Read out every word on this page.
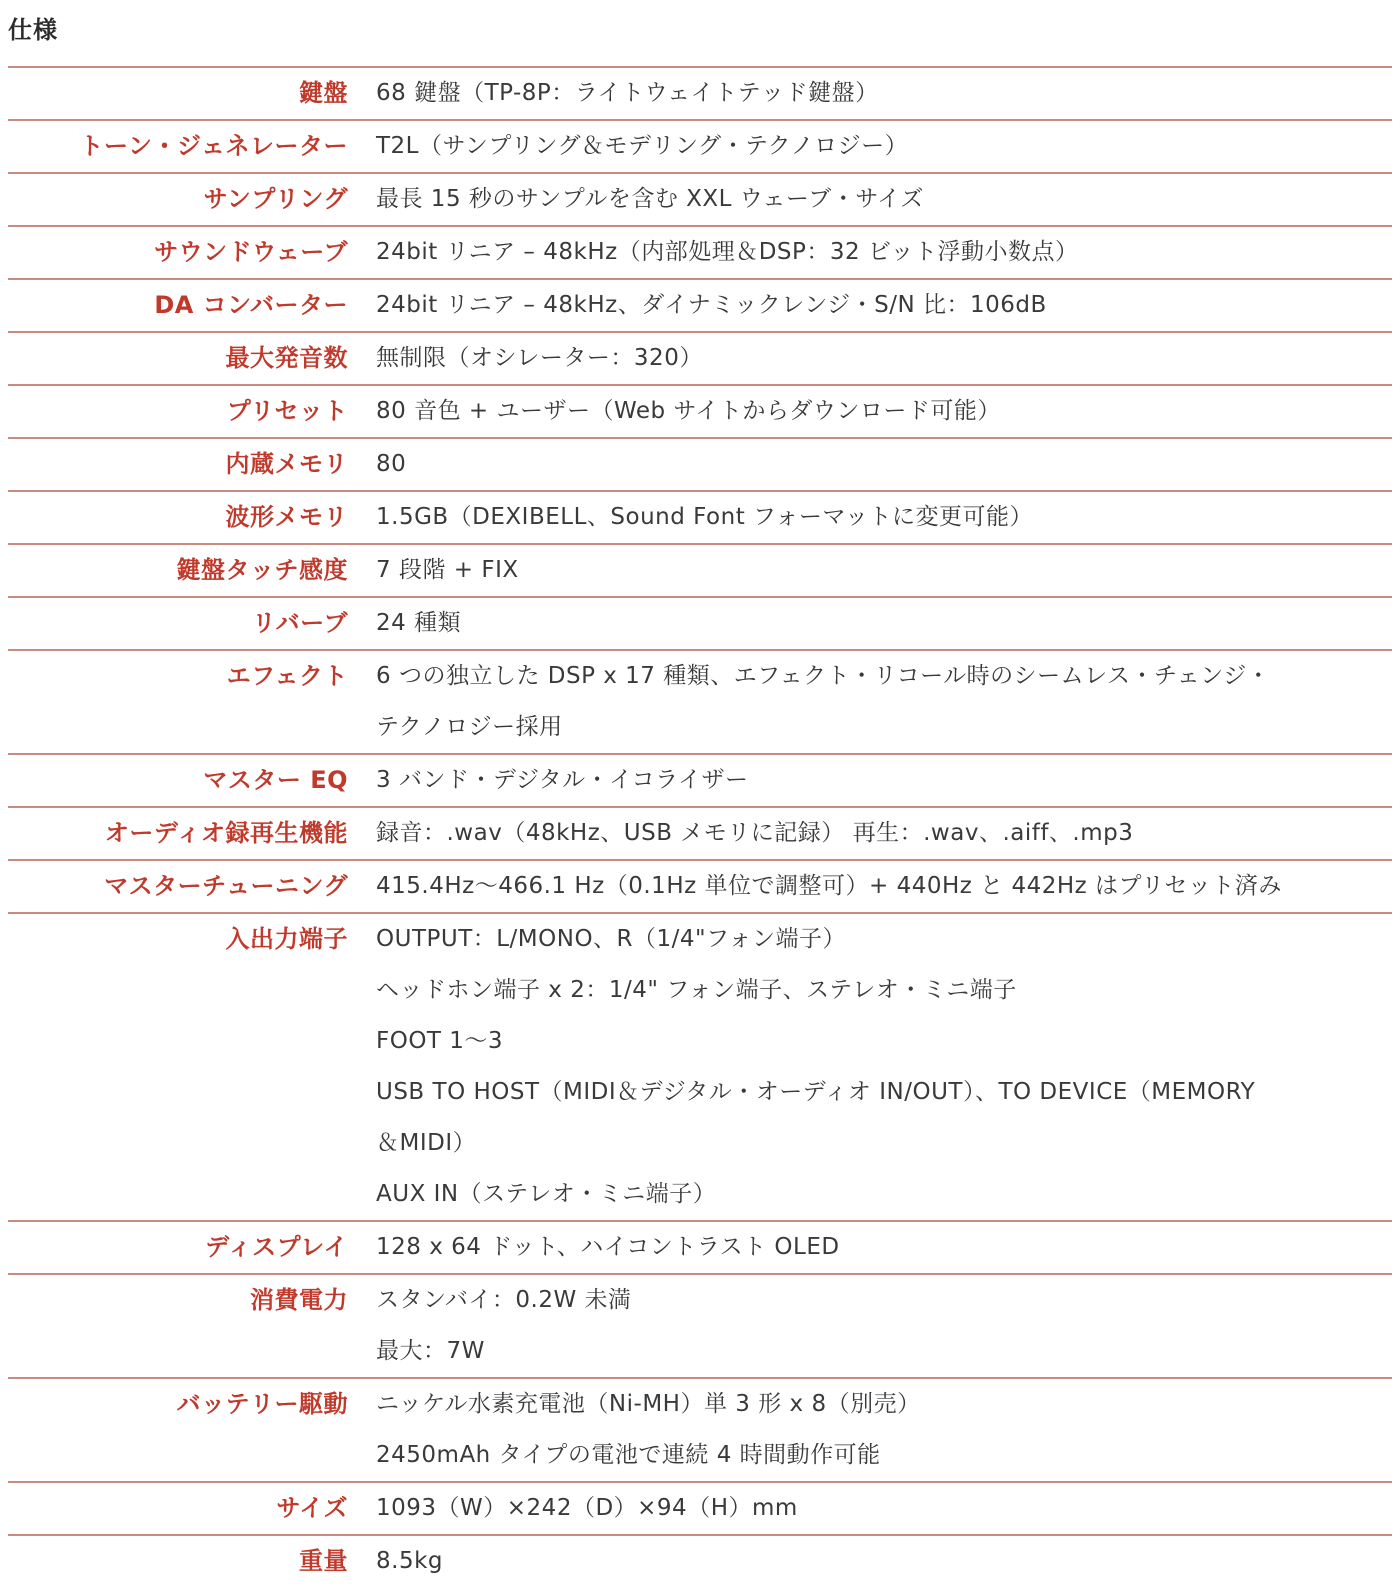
仕様
鍵盤 68 鍵盤（TP-8P：ライトウェイトテッド鍵盤）
トーン・ジェネレーター T2L（サンプリング＆モデリング・テクノロジー）
サンプリング 最長 15 秒のサンプルを含む XXL ウェーブ・サイズ
サウンドウェーブ 24bit リニア – 48kHz（内部処理＆DSP：32 ビット浮動小数点）
DA コンバーター 24bit リニア – 48kHz、ダイナミックレンジ・S/N 比：106dB
最大発音数 無制限（オシレーター：320）
プリセット 80 音色 + ユーザー（Web サイトからダウンロード可能）
内蔵メモリ 80
波形メモリ 1.5GB（DEXIBELL、Sound Font フォーマットに変更可能）
鍵盤タッチ感度 7 段階 + FIX
リバーブ 24 種類
エフェクト 6 つの独立した DSP x 17 種類、エフェクト・リコール時のシームレス・チェンジ・
テクノロジー採用
マスター EQ 3 バンド・デジタル・イコライザー
オーディオ録再生機能 録音：.wav（48kHz、USB メモリに記録） 再生：.wav、.aiff、.mp3
マスターチューニング 415.4Hz～466.1 Hz（0.1Hz 単位で調整可）+ 440Hz と 442Hz はプリセット済み
入出力端子 OUTPUT：L/MONO、R（1/4"フォン端子）
ヘッドホン端子 x 2：1/4" フォン端子、ステレオ・ミニ端子
FOOT 1～3
USB TO HOST（MIDI＆デジタル・オーディオ IN/OUT）、TO DEVICE（MEMORY
＆MIDI）
AUX IN（ステレオ・ミニ端子）
ディスプレイ 128 x 64 ドット、ハイコントラスト OLED
消費電力 スタンバイ：0.2W 未満
最大：7W
バッテリー駆動 ニッケル水素充電池（Ni-MH）単 3 形 x 8（別売）
2450mAh タイプの電池で連続 4 時間動作可能
サイズ 1093（W）×242（D）×94（H）mm
重量 8.5kg
